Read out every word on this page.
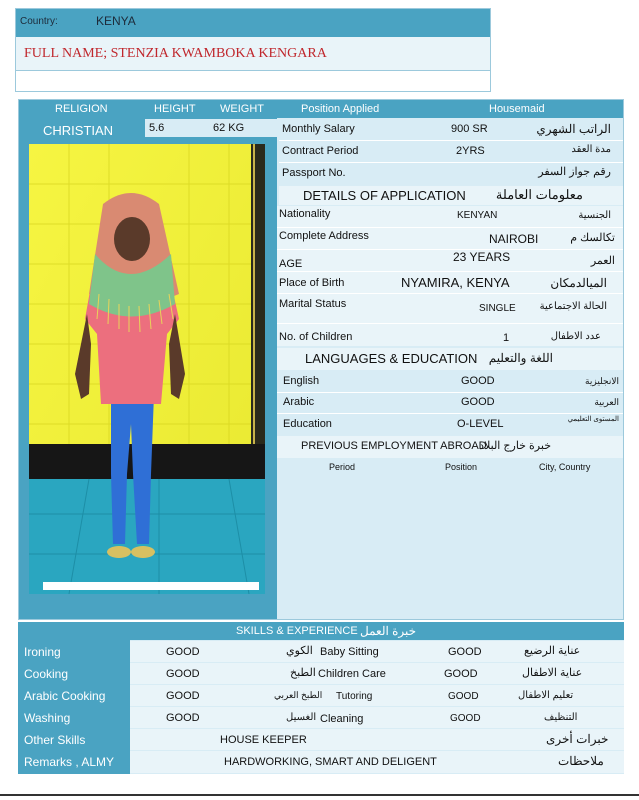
Country:	KENYA
FULL NAME; STENZIA KWAMBOKA KENGARA
RELIGION	HEIGHT WEIGHT	Position Applied	Housemaid
CHRISTIAN	5.6	62 KG	Monthly Salary	900 SR	الراتب الشهري
Contract Period	2YRS	مدة العقد
Passport No.	رقم جواز السفر
DETAILS OF APPLICATION معلومات العاملة
Nationality	KENYAN	الجنسية
Complete Address	NAIROBI	تكالسك م
AGE	23 YEARS	العمر
Place of Birth	NYAMIRA, KENYA	الميالدمكان
Marital Status	SINGLE الحالة الاجتماعية
No. of Children	1	عدد الاطفال
LANGUAGES & EDUCATION اللغة والتعليم
English	GOOD	الانجليزية
Arabic	GOOD	العربية
Education	O-LEVEL	المستوى التعليمي
PREVIOUS EMPLOYMENT ABROAD
خبرة خارج البلاد
Period	Position	City, Country
SKILLS & EXPERIENCE خبرة العمل
Ironing	GOOD	الكوي Baby Sitting	GOOD	عناية الرضيع
Cooking	GOOD	الطبخ Children Care	GOOD	عناية الاطفال
Arabic Cooking	GOOD	الطبخ العربي Tutoring	GOOD	تعليم الاطفال
Washing	GOOD	الغسيل Cleaning	GOOD	التنظيف
Other Skills	HOUSE KEEPER	خبرات أخرى
Remarks , ALMY	HARDWORKING, SMART AND DELIGENT	ملاحظات
